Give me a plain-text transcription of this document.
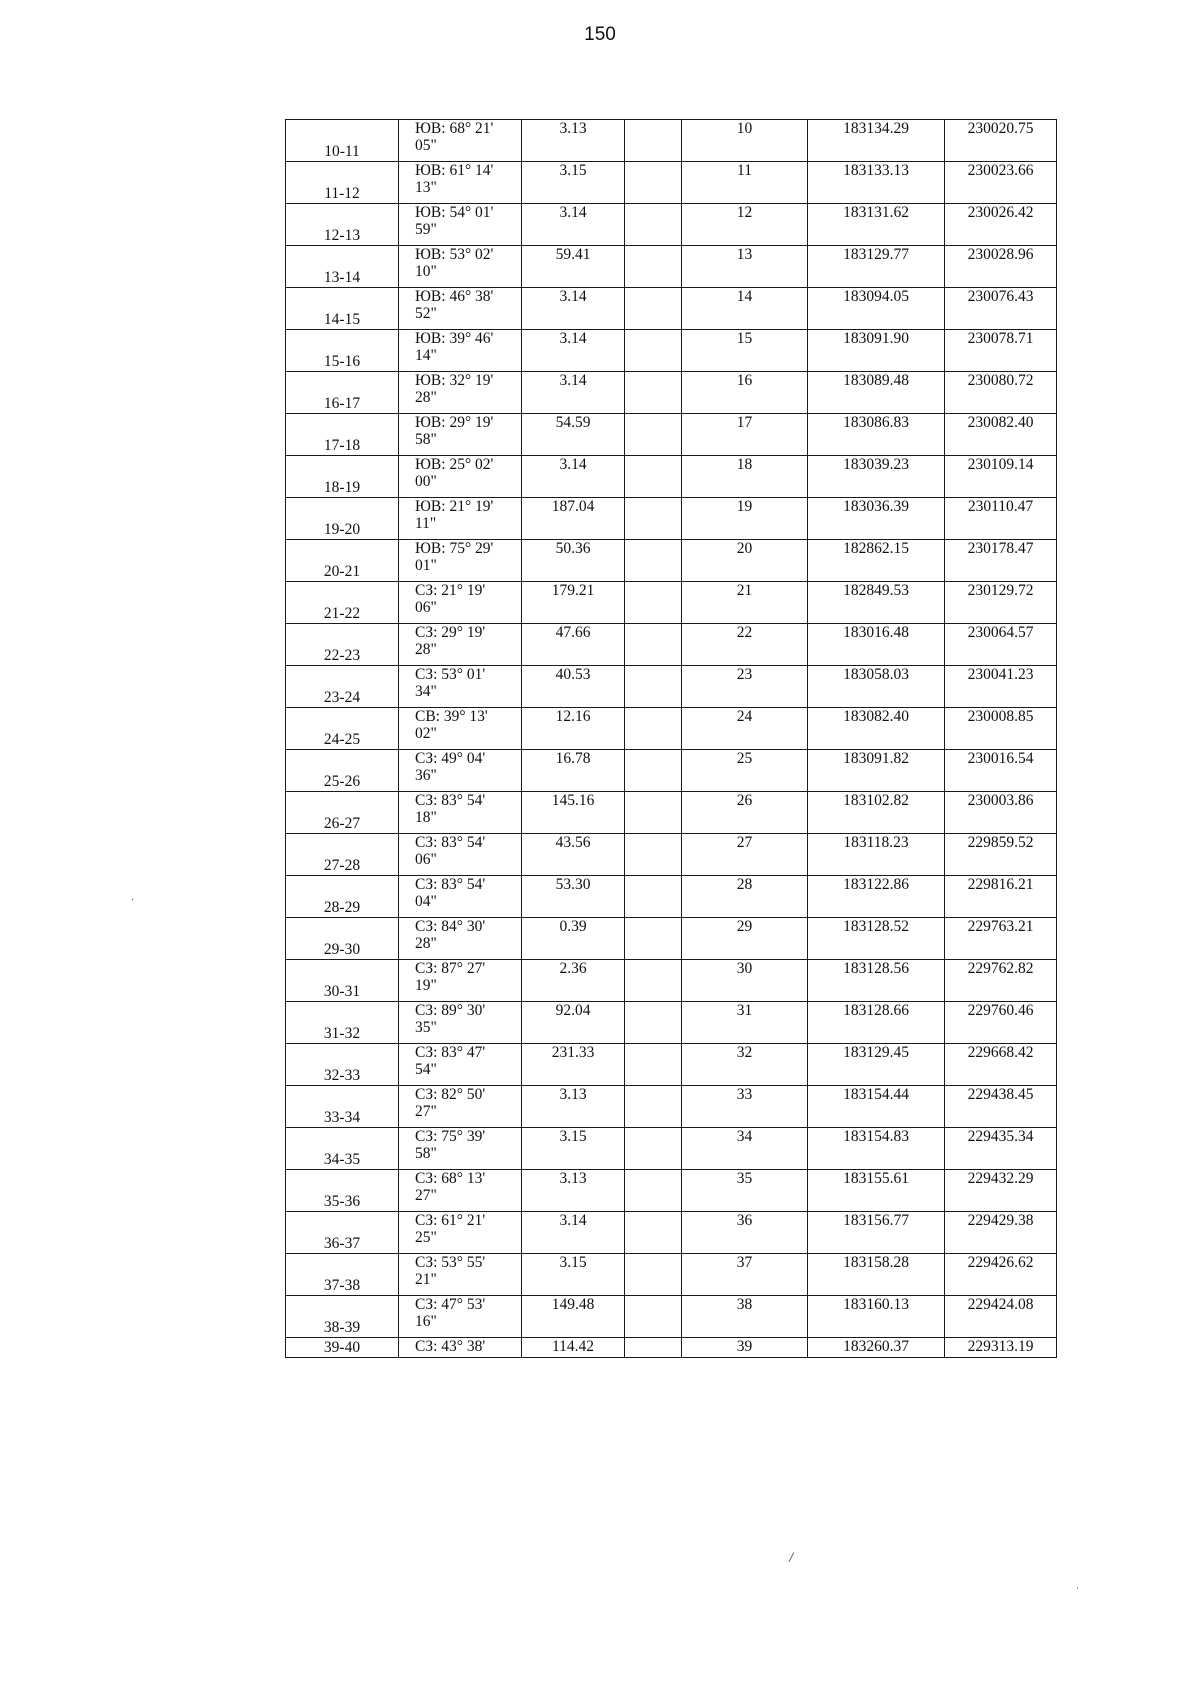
150
10-11	ЮВ: 68° 21'
05"	3.13		10	183134.29	230020.75
11-12	ЮВ: 61° 14'
13"	3.15		11	183133.13	230023.66
12-13	ЮВ: 54° 01'
59"	3.14		12	183131.62	230026.42
13-14	ЮВ: 53° 02'
10"	59.41		13	183129.77	230028.96
14-15	ЮВ: 46° 38'
52"	3.14		14	183094.05	230076.43
15-16	ЮВ: 39° 46'
14"	3.14		15	183091.90	230078.71
16-17	ЮВ: 32° 19'
28"	3.14		16	183089.48	230080.72
17-18	ЮВ: 29° 19'
58"	54.59		17	183086.83	230082.40
18-19	ЮВ: 25° 02'
00"	3.14		18	183039.23	230109.14
19-20	ЮВ: 21° 19'
11"	187.04		19	183036.39	230110.47
20-21	ЮВ: 75° 29'
01"	50.36		20	182862.15	230178.47
21-22	СЗ: 21° 19'
06"	179.21		21	182849.53	230129.72
22-23	СЗ: 29° 19'
28"	47.66		22	183016.48	230064.57
23-24	СЗ: 53° 01'
34"	40.53		23	183058.03	230041.23
24-25	СВ: 39° 13'
02"	12.16		24	183082.40	230008.85
25-26	СЗ: 49° 04'
36"	16.78		25	183091.82	230016.54
26-27	СЗ: 83° 54'
18"	145.16		26	183102.82	230003.86
27-28	СЗ: 83° 54'
06"	43.56		27	183118.23	229859.52
28-29	СЗ: 83° 54'
04"	53.30		28	183122.86	229816.21
29-30	СЗ: 84° 30'
28"	0.39		29	183128.52	229763.21
30-31	СЗ: 87° 27'
19"	2.36		30	183128.56	229762.82
31-32	СЗ: 89° 30'
35"	92.04		31	183128.66	229760.46
32-33	СЗ: 83° 47'
54"	231.33		32	183129.45	229668.42
33-34	СЗ: 82° 50'
27"	3.13		33	183154.44	229438.45
34-35	СЗ: 75° 39'
58"	3.15		34	183154.83	229435.34
35-36	СЗ: 68° 13'
27"	3.13		35	183155.61	229432.29
36-37	СЗ: 61° 21'
25"	3.14		36	183156.77	229429.38
37-38	СЗ: 53° 55'
21"	3.15		37	183158.28	229426.62
38-39	СЗ: 47° 53'
16"	149.48		38	183160.13	229424.08
39-40	СЗ: 43° 38'	114.42		39	183260.37	229313.19
·
/
·
